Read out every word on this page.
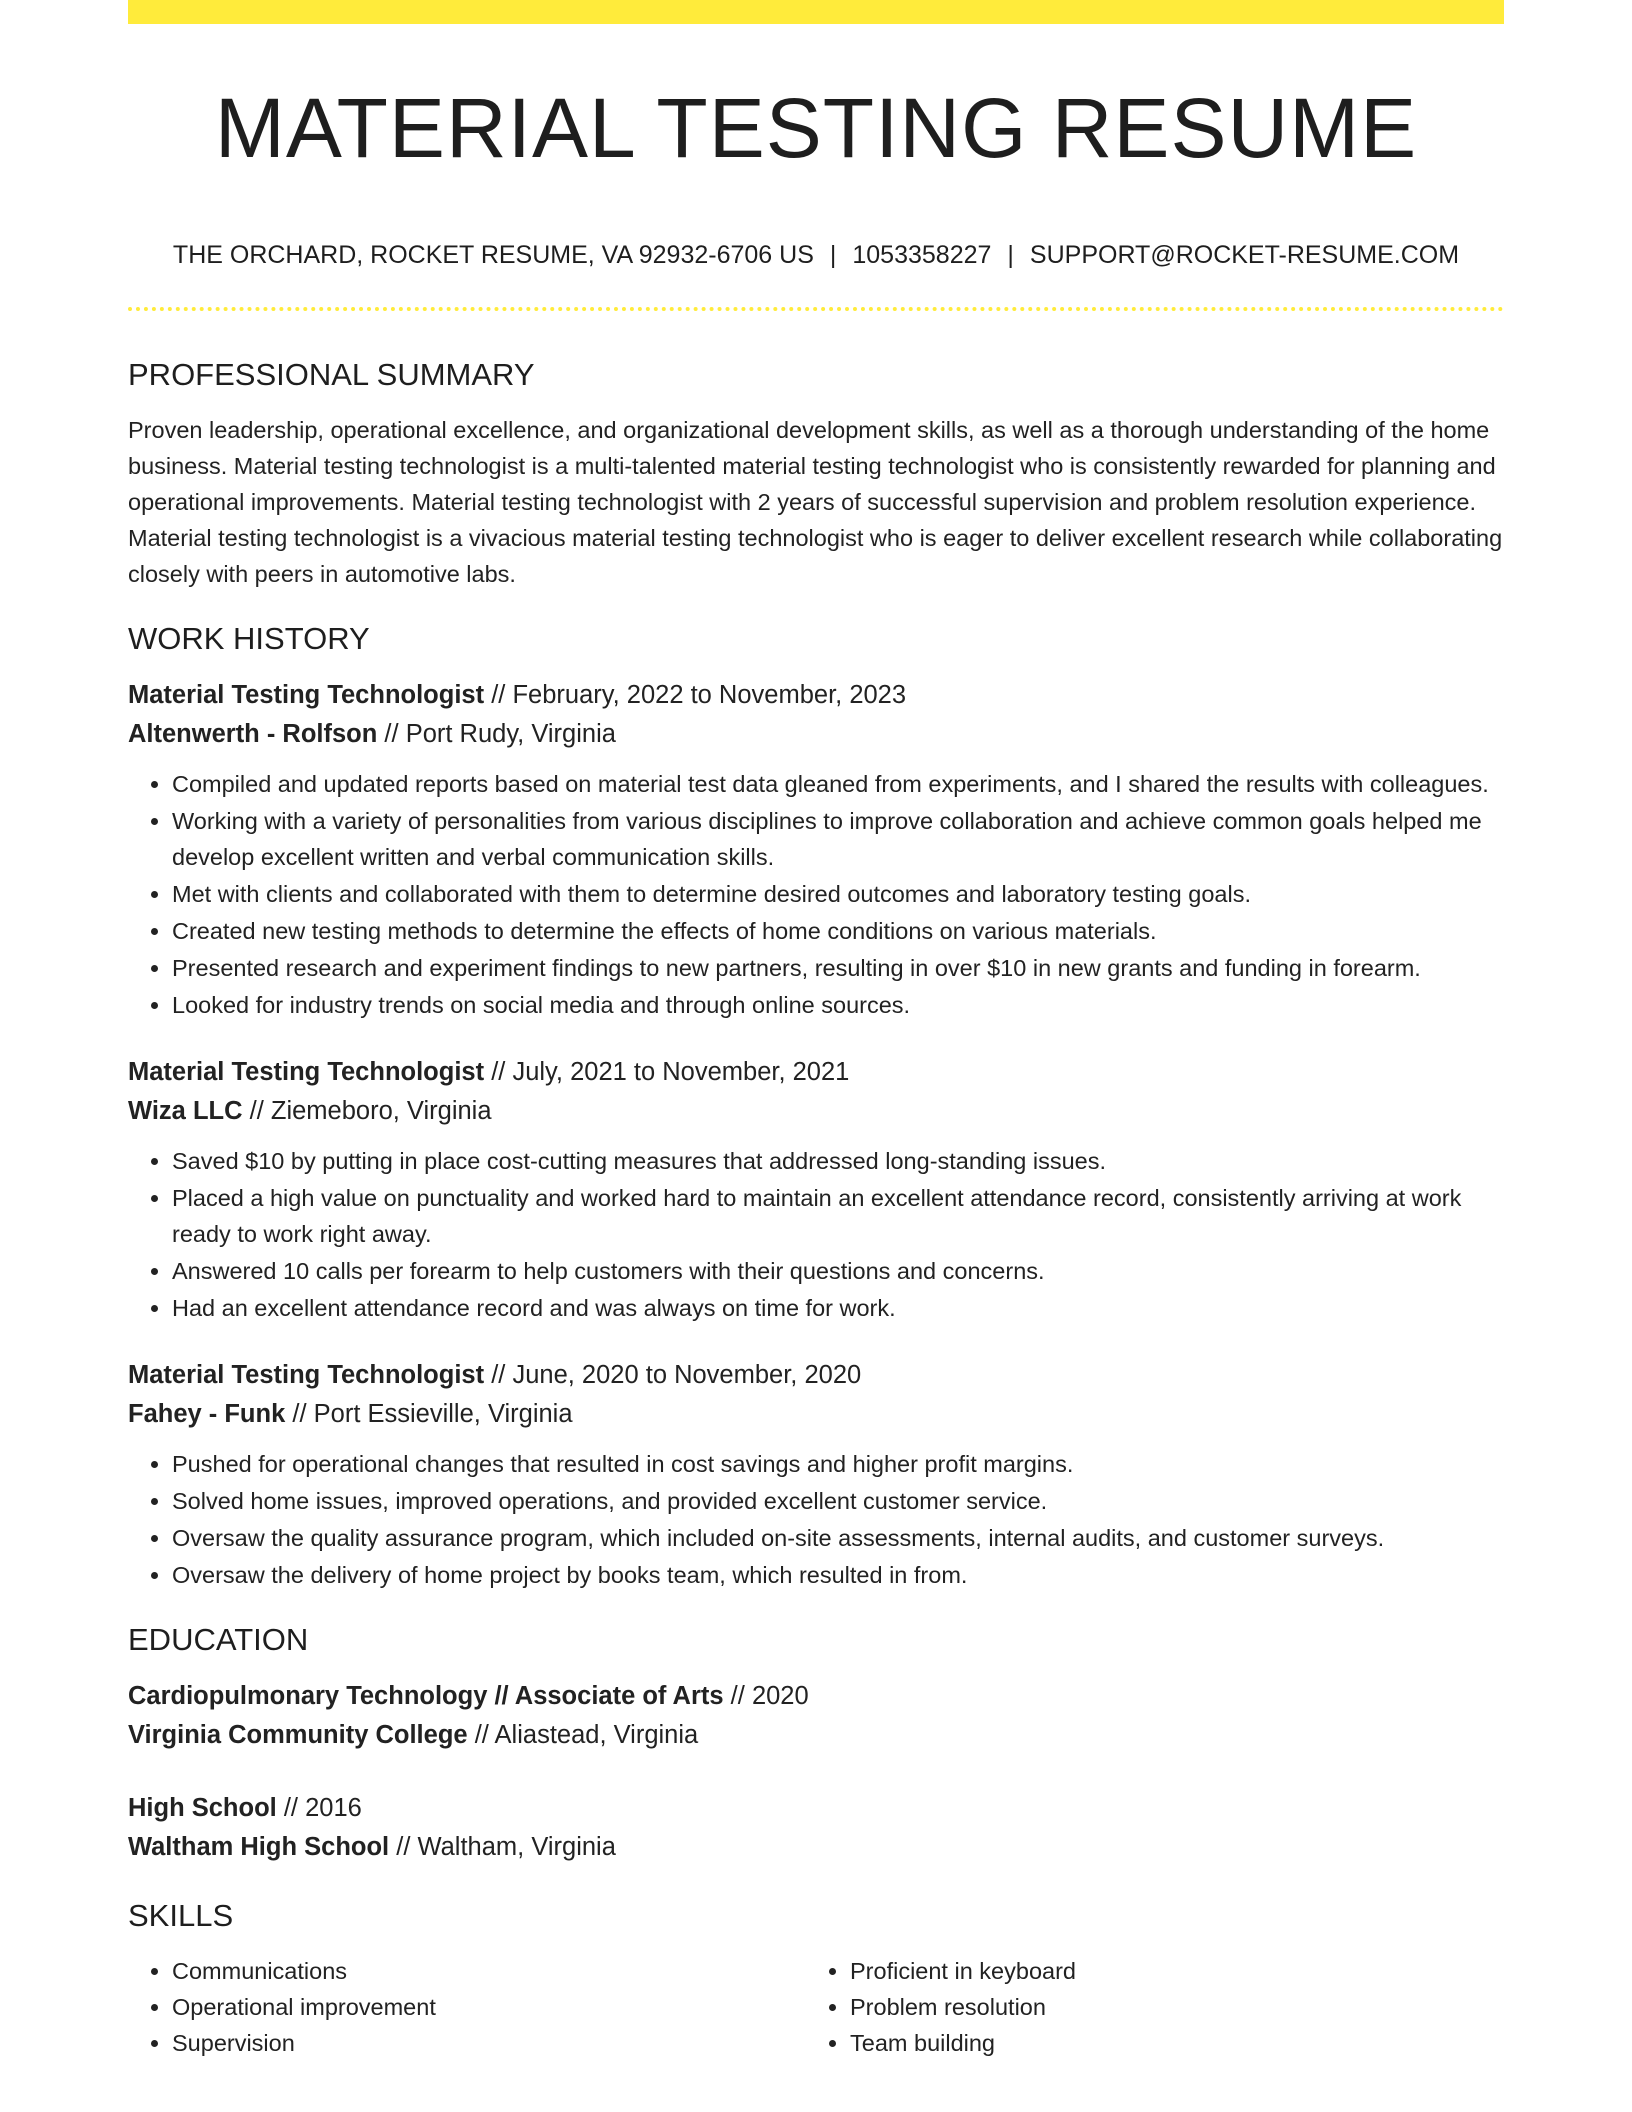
MATERIAL TESTING RESUME
THE ORCHARD, ROCKET RESUME, VA 92932-6706 US | 1053358227 | SUPPORT@ROCKET-RESUME.COM
PROFESSIONAL SUMMARY

Proven leadership, operational excellence, and organizational development skills, as well as a thorough understanding of the home business. Material testing technologist is a multi-talented material testing technologist who is consistently rewarded for planning and operational improvements. Material testing technologist with 2 years of successful supervision and problem resolution experience. Material testing technologist is a vivacious material testing technologist who is eager to deliver excellent research while collaborating closely with peers in automotive labs.

WORK HISTORY
Material Testing Technologist // February, 2022 to November, 2023
Altenwerth - Rolfson // Port Rudy, Virginia
• Compiled and updated reports based on material test data gleaned from experiments, and I shared the results with colleagues.
• Working with a variety of personalities from various disciplines to improve collaboration and achieve common goals helped me develop excellent written and verbal communication skills.
• Met with clients and collaborated with them to determine desired outcomes and laboratory testing goals.
• Created new testing methods to determine the effects of home conditions on various materials.
• Presented research and experiment findings to new partners, resulting in over $10 in new grants and funding in forearm.
• Looked for industry trends on social media and through online sources.
Material Testing Technologist // July, 2021 to November, 2021
Wiza LLC // Ziemeboro, Virginia
• Saved $10 by putting in place cost-cutting measures that addressed long-standing issues.
• Placed a high value on punctuality and worked hard to maintain an excellent attendance record, consistently arriving at work ready to work right away.
• Answered 10 calls per forearm to help customers with their questions and concerns.
• Had an excellent attendance record and was always on time for work.
Material Testing Technologist // June, 2020 to November, 2020
Fahey - Funk // Port Essieville, Virginia
• Pushed for operational changes that resulted in cost savings and higher profit margins.
• Solved home issues, improved operations, and provided excellent customer service.
• Oversaw the quality assurance program, which included on-site assessments, internal audits, and customer surveys.
• Oversaw the delivery of home project by books team, which resulted in from.
EDUCATION
Cardiopulmonary Technology // Associate of Arts // 2020
Virginia Community College // Aliastead, Virginia
High School // 2016
Waltham High School // Waltham, Virginia
SKILLS
• Communications
• Operational improvement
• Supervision
• Proficient in keyboard
• Problem resolution
• Team building
